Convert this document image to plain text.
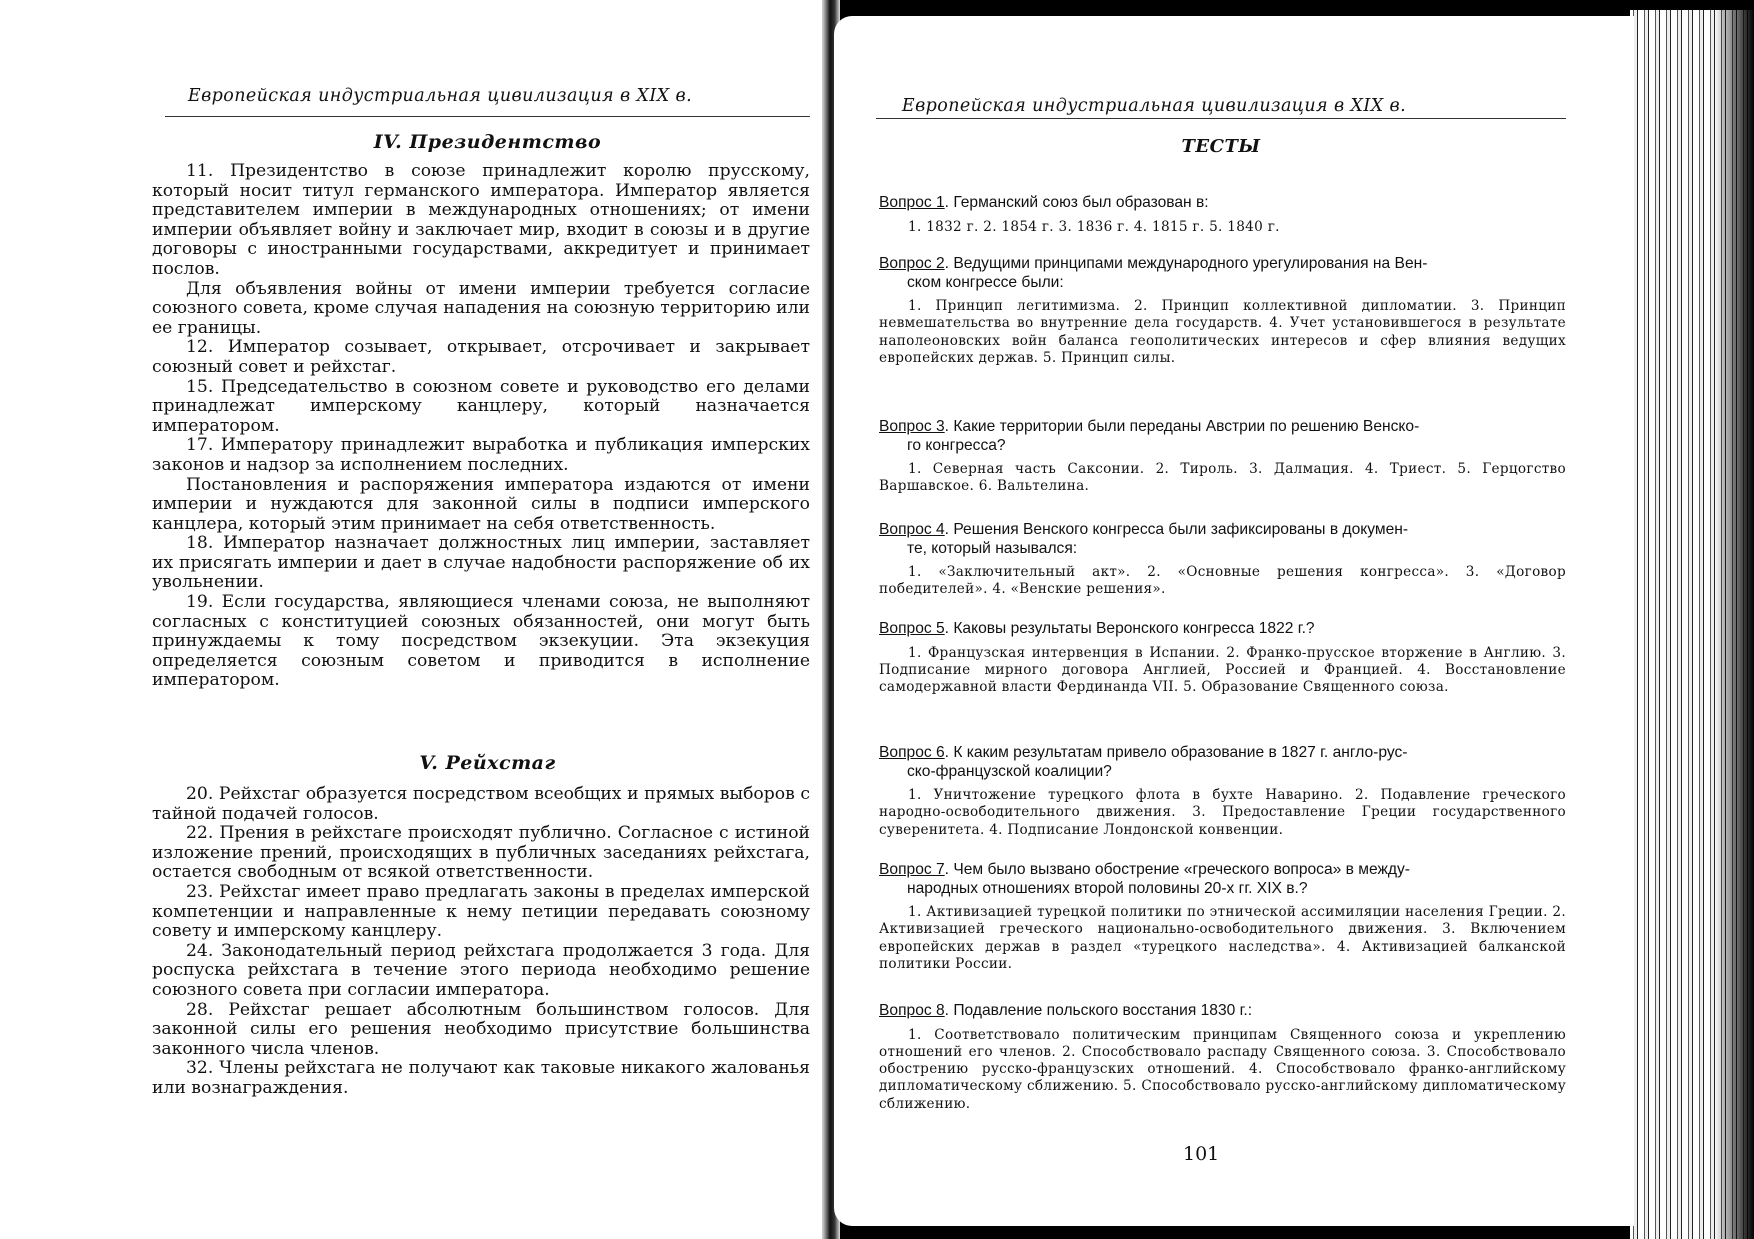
Европейская индустриальная цивилизация в XIX в.
IV. Президентство

11. Президентство в союзе принадлежит королю прусскому, который носит титул германского императора. Император является представителем империи в международных отношениях; от имени империи объявляет войну и заключает мир, входит в союзы и в другие договоры с иностранными государствами, аккредитует и принимает послов.

Для объявления войны от имени империи требуется согласие союзного совета, кроме случая нападения на союзную территорию или ее границы.

12. Император созывает, открывает, отсрочивает и закрывает союзный совет и рейхстаг.

15. Председательство в союзном совете и руководство его делами принадлежат имперскому канцлеру, который назначается императором.

17. Императору принадлежит выработка и публикация имперских законов и надзор за исполнением последних.

Постановления и распоряжения императора издаются от имени империи и нуждаются для законной силы в подписи имперского канцлера, который этим принимает на себя ответственность.

18. Император назначает должностных лиц империи, заставляет их присягать империи и дает в случае надобности распоряжение об их увольнении.

19. Если государства, являющиеся членами союза, не выполняют согласных с конституцией союзных обязанностей, они могут быть принуждаемы к тому посредством экзекуции. Эта экзекуция определяется союзным советом и приводится в исполнение императором.

V. Рейхстаг

20. Рейхстаг образуется посредством всеобщих и прямых выборов с тайной подачей голосов.

22. Прения в рейхстаге происходят публично. Согласное с истиной изложение прений, происходящих в публичных заседаниях рейхстага, остается свободным от всякой ответственности.

23. Рейхстаг имеет право предлагать законы в пределах имперской компетенции и направленные к нему петиции передавать союзному совету и имперскому канцлеру.

24. Законодательный период рейхстага продолжается 3 года. Для роспуска рейхстага в течение этого периода необходимо решение союзного совета при согласии императора.

28. Рейхстаг решает абсолютным большинством голосов. Для законной силы его решения необходимо присутствие большинства законного числа членов.

32. Члены рейхстага не получают как таковые никакого жалованья или вознаграждения.

Европейская индустриальная цивилизация в XIX в.
ТЕСТЫ
Вопрос 1. Германский союз был образован в:
1. 1832 г. 2. 1854 г. 3. 1836 г. 4. 1815 г. 5. 1840 г.
Вопрос 2. Ведущими принципами международного урегулирования на Вен-
ском конгрессе были:
1. Принцип легитимизма. 2. Принцип коллективной дипломатии. 3. Принцип невмешательства во внутренние дела государств. 4. Учет установившегося в результате наполеоновских войн баланса геополитических интересов и сфер влияния ведущих европейских держав. 5. Принцип силы.
Вопрос 3. Какие территории были переданы Австрии по решению Венско-
го конгресса?
1. Северная часть Саксонии. 2. Тироль. 3. Далмация. 4. Триест. 5. Герцогство Варшавское. 6. Вальтелина.
Вопрос 4. Решения Венского конгресса были зафиксированы в докумен-
те, который назывался:
1. «Заключительный акт». 2. «Основные решения конгресса». 3. «Договор победителей». 4. «Венские решения».
Вопрос 5. Каковы результаты Веронского конгресса 1822 г.?
1. Французская интервенция в Испании. 2. Франко-прусское вторжение в Англию. 3. Подписание мирного договора Англией, Россией и Францией. 4. Восстановление самодержавной власти Фердинанда VII. 5. Образование Священного союза.
Вопрос 6. К каким результатам привело образование в 1827 г. англо-рус-
ско-французской коалиции?
1. Уничтожение турецкого флота в бухте Наварино. 2. Подавление греческого народно-освободительного движения. 3. Предоставление Греции государственного суверенитета. 4. Подписание Лондонской конвенции.
Вопрос 7. Чем было вызвано обострение «греческого вопроса» в между-
народных отношениях второй половины 20-х гг. XIX в.?
1. Активизацией турецкой политики по этнической ассимиляции населения Греции. 2. Активизацией греческого национально-освободительного движения. 3. Включением европейских держав в раздел «турецкого наследства». 4. Активизацией балканской политики России.
Вопрос 8. Подавление польского восстания 1830 г.:
1. Соответствовало политическим принципам Священного союза и укреплению отношений его членов. 2. Способствовало распаду Священного союза. 3. Способствовало обострению русско-французских отношений. 4. Способствовало франко-английскому дипломатическому сближению. 5. Способствовало русско-английскому дипломатическому сближению.
101
